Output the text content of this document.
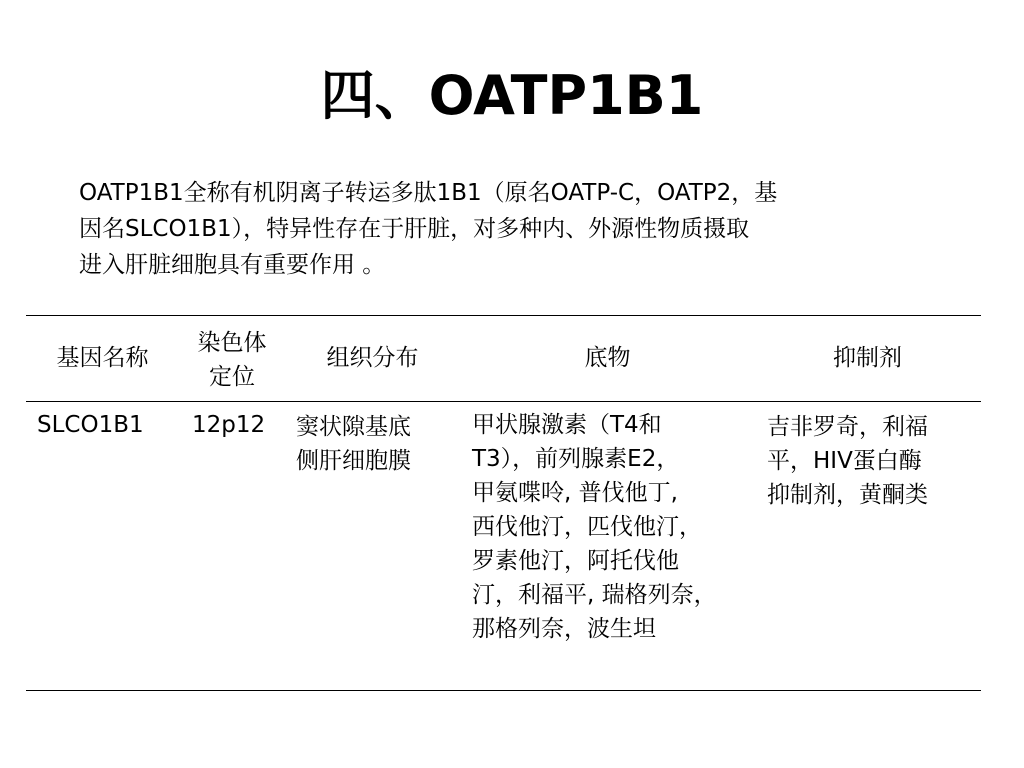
四、OATP1B1
OATP1B1全称有机阴离子转运多肽1B1（原名OATP-C，OATP2，基
因名SLCO1B1），特异性存在于肝脏，对多种内、外源性物质摄取
进入肝脏细胞具有重要作用 。
基因名称
染色体
定位
组织分布	底物	抑制剂
SLCO1B1 12p12 窦状隙基底
侧肝细胞膜
甲状腺激素（T4和
T3），前列腺素E2，
甲氨喋呤, 普伐他丁,
西伐他汀，匹伐他汀，
罗素他汀，阿托伐他
汀，利福平, 瑞格列奈，
那格列奈，波生坦
吉非罗奇，利福
平，HIV蛋白酶
抑制剂，黄酮类
